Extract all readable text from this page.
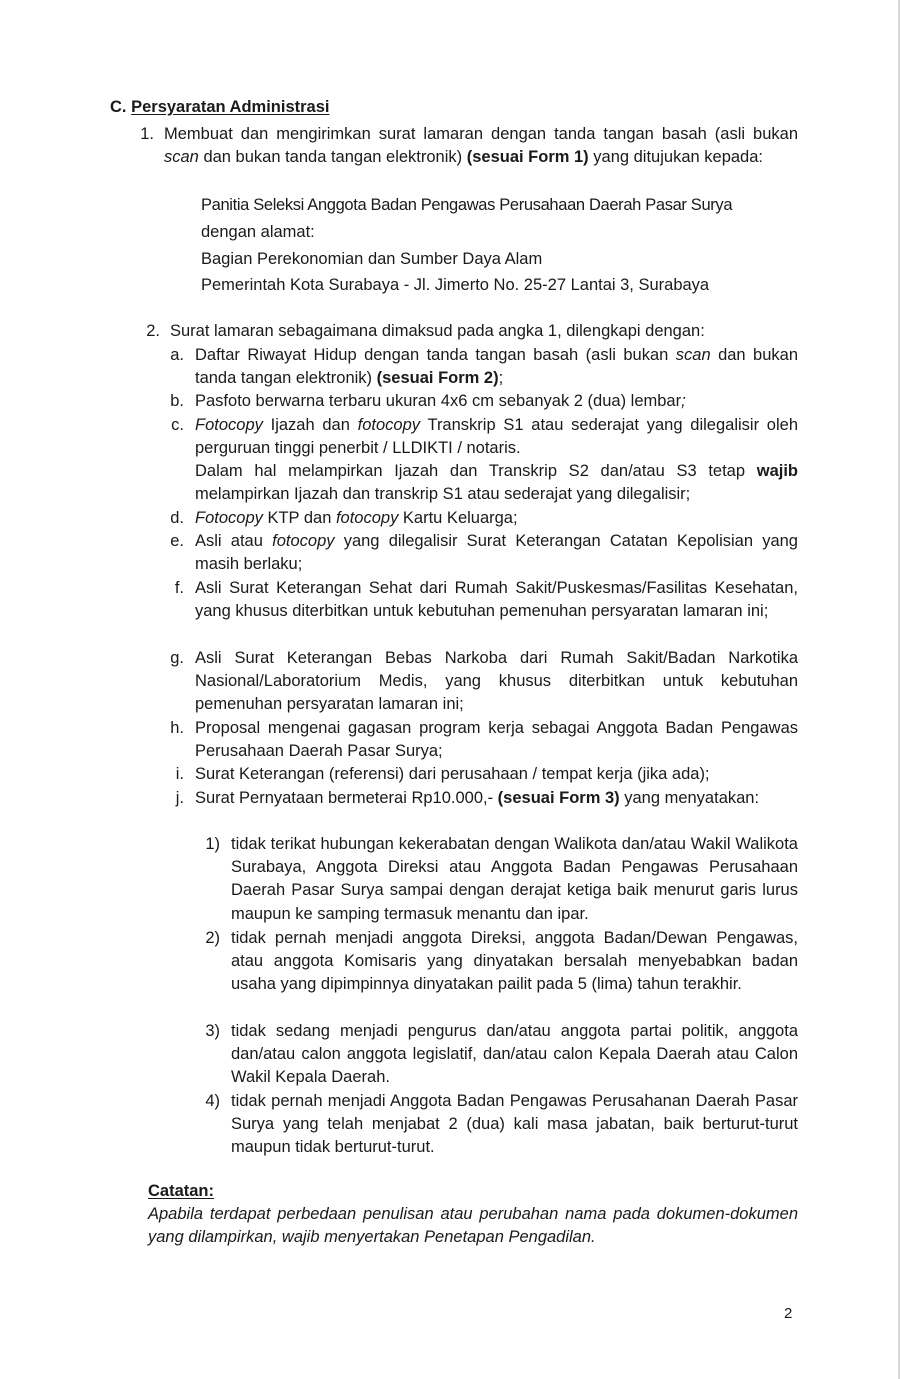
C. Persyaratan Administrasi
1. Membuat dan mengirimkan surat lamaran dengan tanda tangan basah (asli bukan scan dan bukan tanda tangan elektronik) (sesuai Form 1) yang ditujukan kepada:
Panitia Seleksi Anggota Badan Pengawas Perusahaan Daerah Pasar Surya
dengan alamat:
Bagian Perekonomian dan Sumber Daya Alam
Pemerintah Kota Surabaya - Jl. Jimerto No. 25-27 Lantai 3, Surabaya
2. Surat lamaran sebagaimana dimaksud pada angka 1, dilengkapi dengan:
a. Daftar Riwayat Hidup dengan tanda tangan basah (asli bukan scan dan bukan tanda tangan elektronik) (sesuai Form 2);
b. Pasfoto berwarna terbaru ukuran 4x6 cm sebanyak 2 (dua) lembar;
c. Fotocopy Ijazah dan fotocopy Transkrip S1 atau sederajat yang dilegalisir oleh perguruan tinggi penerbit / LLDIKTI / notaris.
Dalam hal melampirkan Ijazah dan Transkrip S2 dan/atau S3 tetap wajib melampirkan Ijazah dan transkrip S1 atau sederajat yang dilegalisir;
d. Fotocopy KTP dan fotocopy Kartu Keluarga;
e. Asli atau fotocopy yang dilegalisir Surat Keterangan Catatan Kepolisian yang masih berlaku;
f. Asli Surat Keterangan Sehat dari Rumah Sakit/Puskesmas/Fasilitas Kesehatan, yang khusus diterbitkan untuk kebutuhan pemenuhan persyaratan lamaran ini;
g. Asli Surat Keterangan Bebas Narkoba dari Rumah Sakit/Badan Narkotika Nasional/Laboratorium Medis, yang khusus diterbitkan untuk kebutuhan pemenuhan persyaratan lamaran ini;
h. Proposal mengenai gagasan program kerja sebagai Anggota Badan Pengawas Perusahaan Daerah Pasar Surya;
i. Surat Keterangan (referensi) dari perusahaan / tempat kerja (jika ada);
j. Surat Pernyataan bermeterai Rp10.000,- (sesuai Form 3) yang menyatakan:
1) tidak terikat hubungan kekerabatan dengan Walikota dan/atau Wakil Walikota Surabaya, Anggota Direksi atau Anggota Badan Pengawas Perusahaan Daerah Pasar Surya sampai dengan derajat ketiga baik menurut garis lurus maupun ke samping termasuk menantu dan ipar.
2) tidak pernah menjadi anggota Direksi, anggota Badan/Dewan Pengawas, atau anggota Komisaris yang dinyatakan bersalah menyebabkan badan usaha yang dipimpinnya dinyatakan pailit pada 5 (lima) tahun terakhir.
3) tidak sedang menjadi pengurus dan/atau anggota partai politik, anggota dan/atau calon anggota legislatif, dan/atau calon Kepala Daerah atau Calon Wakil Kepala Daerah.
4) tidak pernah menjadi Anggota Badan Pengawas Perusahanan Daerah Pasar Surya yang telah menjabat 2 (dua) kali masa jabatan, baik berturut-turut maupun tidak berturut-turut.
Catatan:
Apabila terdapat perbedaan penulisan atau perubahan nama pada dokumen-dokumen yang dilampirkan, wajib menyertakan Penetapan Pengadilan.
2
